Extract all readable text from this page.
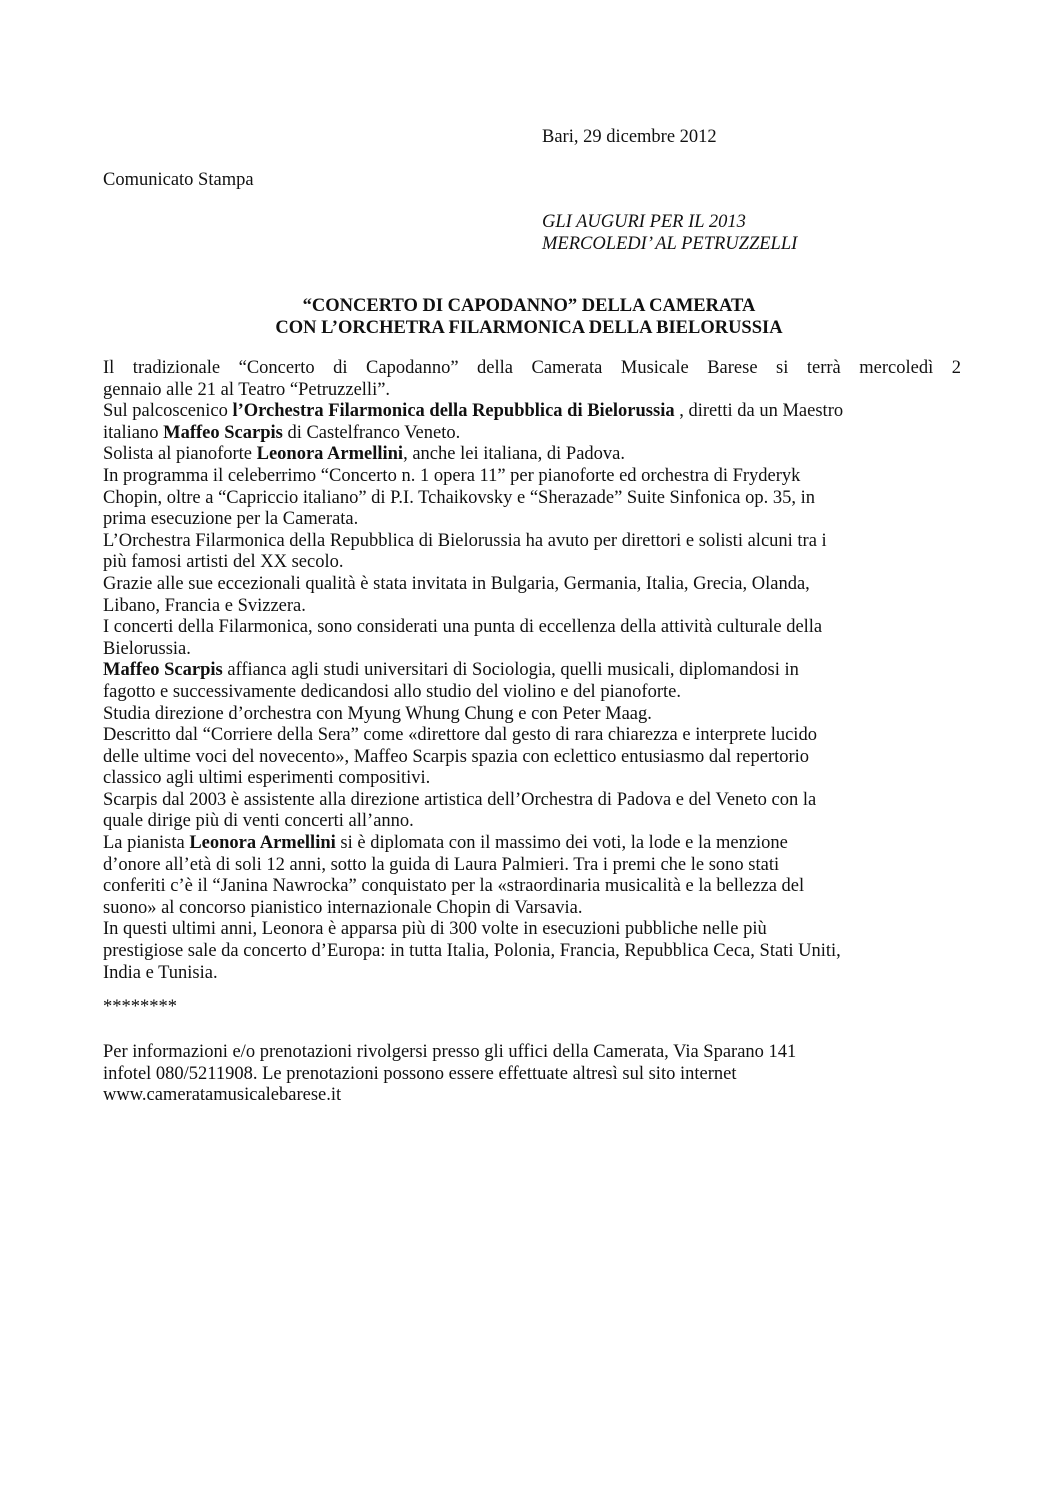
Bari, 29 dicembre 2012
Comunicato Stampa
GLI AUGURI PER IL 2013
MERCOLEDI’ AL PETRUZZELLI
“CONCERTO DI CAPODANNO” DELLA CAMERATA
CON L’ORCHETRA FILARMONICA DELLA BIELORUSSIA
Il tradizionale “Concerto di Capodanno” della Camerata Musicale Barese si terrà mercoledì 2
gennaio alle 21 al Teatro “Petruzzelli”.
Sul palcoscenico l’Orchestra Filarmonica della Repubblica di Bielorussia , diretti da un Maestro
italiano Maffeo Scarpis di Castelfranco Veneto.
Solista al pianoforte Leonora Armellini, anche lei italiana, di Padova.
In programma il celeberrimo “Concerto n. 1 opera 11” per pianoforte ed orchestra di Fryderyk
Chopin, oltre a “Capriccio italiano” di P.I. Tchaikovsky e “Sherazade” Suite Sinfonica op. 35, in
prima esecuzione per la Camerata.
L’Orchestra Filarmonica della Repubblica di Bielorussia ha avuto per direttori e solisti alcuni tra i
più famosi artisti del XX secolo.
Grazie alle sue eccezionali qualità è stata invitata in Bulgaria, Germania, Italia, Grecia, Olanda,
Libano, Francia e Svizzera.
I concerti della Filarmonica, sono considerati una punta di eccellenza della attività culturale della
Bielorussia.
Maffeo Scarpis affianca agli studi universitari di Sociologia, quelli musicali, diplomandosi in
fagotto e successivamente dedicandosi allo studio del violino e del pianoforte.
Studia direzione d’orchestra con Myung Whung Chung e con Peter Maag.
Descritto dal “Corriere della Sera” come «direttore dal gesto di rara chiarezza e interprete lucido
delle ultime voci del novecento», Maffeo Scarpis spazia con eclettico entusiasmo dal repertorio
classico agli ultimi esperimenti compositivi.
Scarpis dal 2003 è assistente alla direzione artistica dell’Orchestra di Padova e del Veneto con la
quale dirige più di venti concerti all’anno.
La pianista Leonora Armellini si è diplomata con il massimo dei voti, la lode e la menzione
d’onore all’età di soli 12 anni, sotto la guida di Laura Palmieri. Tra i premi che le sono stati
conferiti c’è il “Janina Nawrocka” conquistato per la «straordinaria musicalità e la bellezza del
suono» al concorso pianistico internazionale Chopin di Varsavia.
In questi ultimi anni, Leonora è apparsa più di 300 volte in esecuzioni pubbliche nelle più
prestigiose sale da concerto d’Europa: in tutta Italia, Polonia, Francia, Repubblica Ceca, Stati Uniti,
India e Tunisia.
********
Per informazioni e/o prenotazioni rivolgersi presso gli uffici della Camerata, Via Sparano 141
infotel 080/5211908. Le prenotazioni possono essere effettuate altresì sul sito internet
www.cameratamusicalebarese.it
